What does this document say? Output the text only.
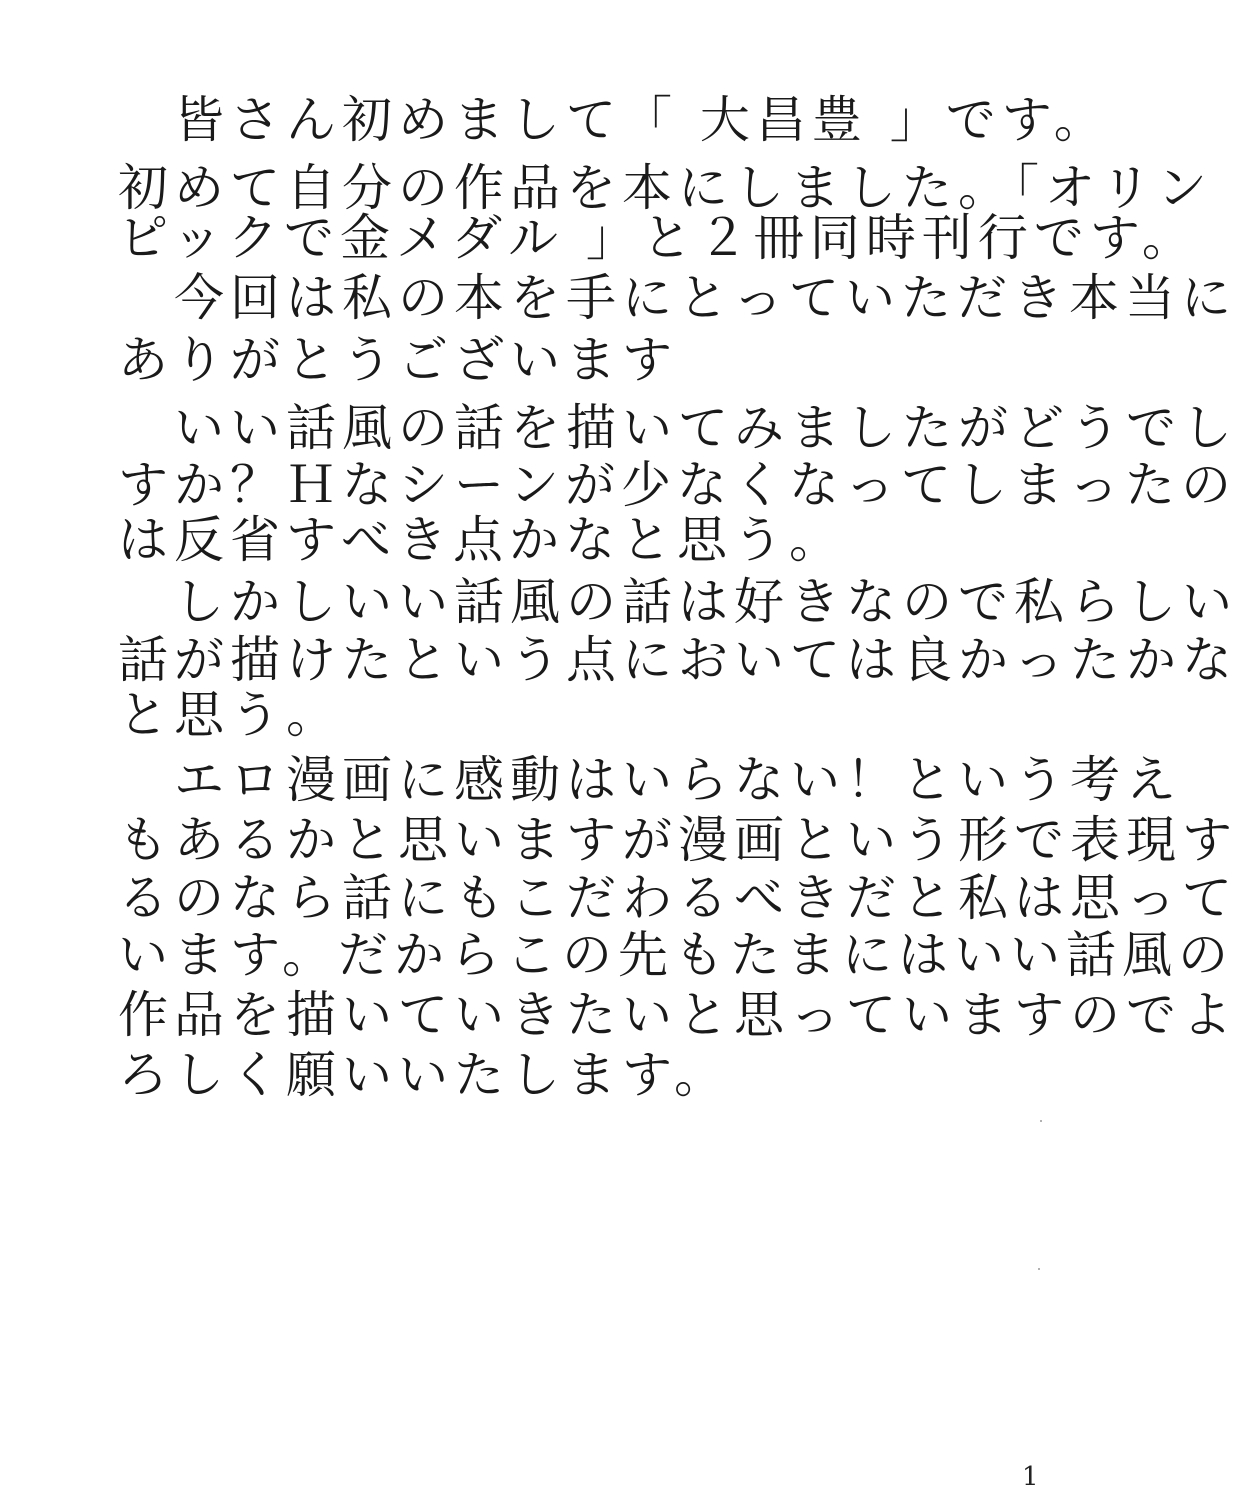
　皆さん初めまして「 大昌豊 」です。
初めて自分の作品を本にしました。「オリン
ピックで金メダル 」と２冊同時刊行です。
　今回は私の本を手にとっていただき本当に
ありがとうございます
　いい話風の話を描いてみましたがどうでし
すか？Ｈなシーンが少なくなってしまったの
は反省すべき点かなと思う。
　しかしいい話風の話は好きなので私らしい
話が描けたという点においては良かったかな
と思う。
　エロ漫画に感動はいらない！という考え
もあるかと思いますが漫画という形で表現す
るのなら話にもこだわるべきだと私は思って
います。だからこの先もたまにはいい話風の
作品を描いていきたいと思っていますのでよ
ろしく願いいたします。
1
